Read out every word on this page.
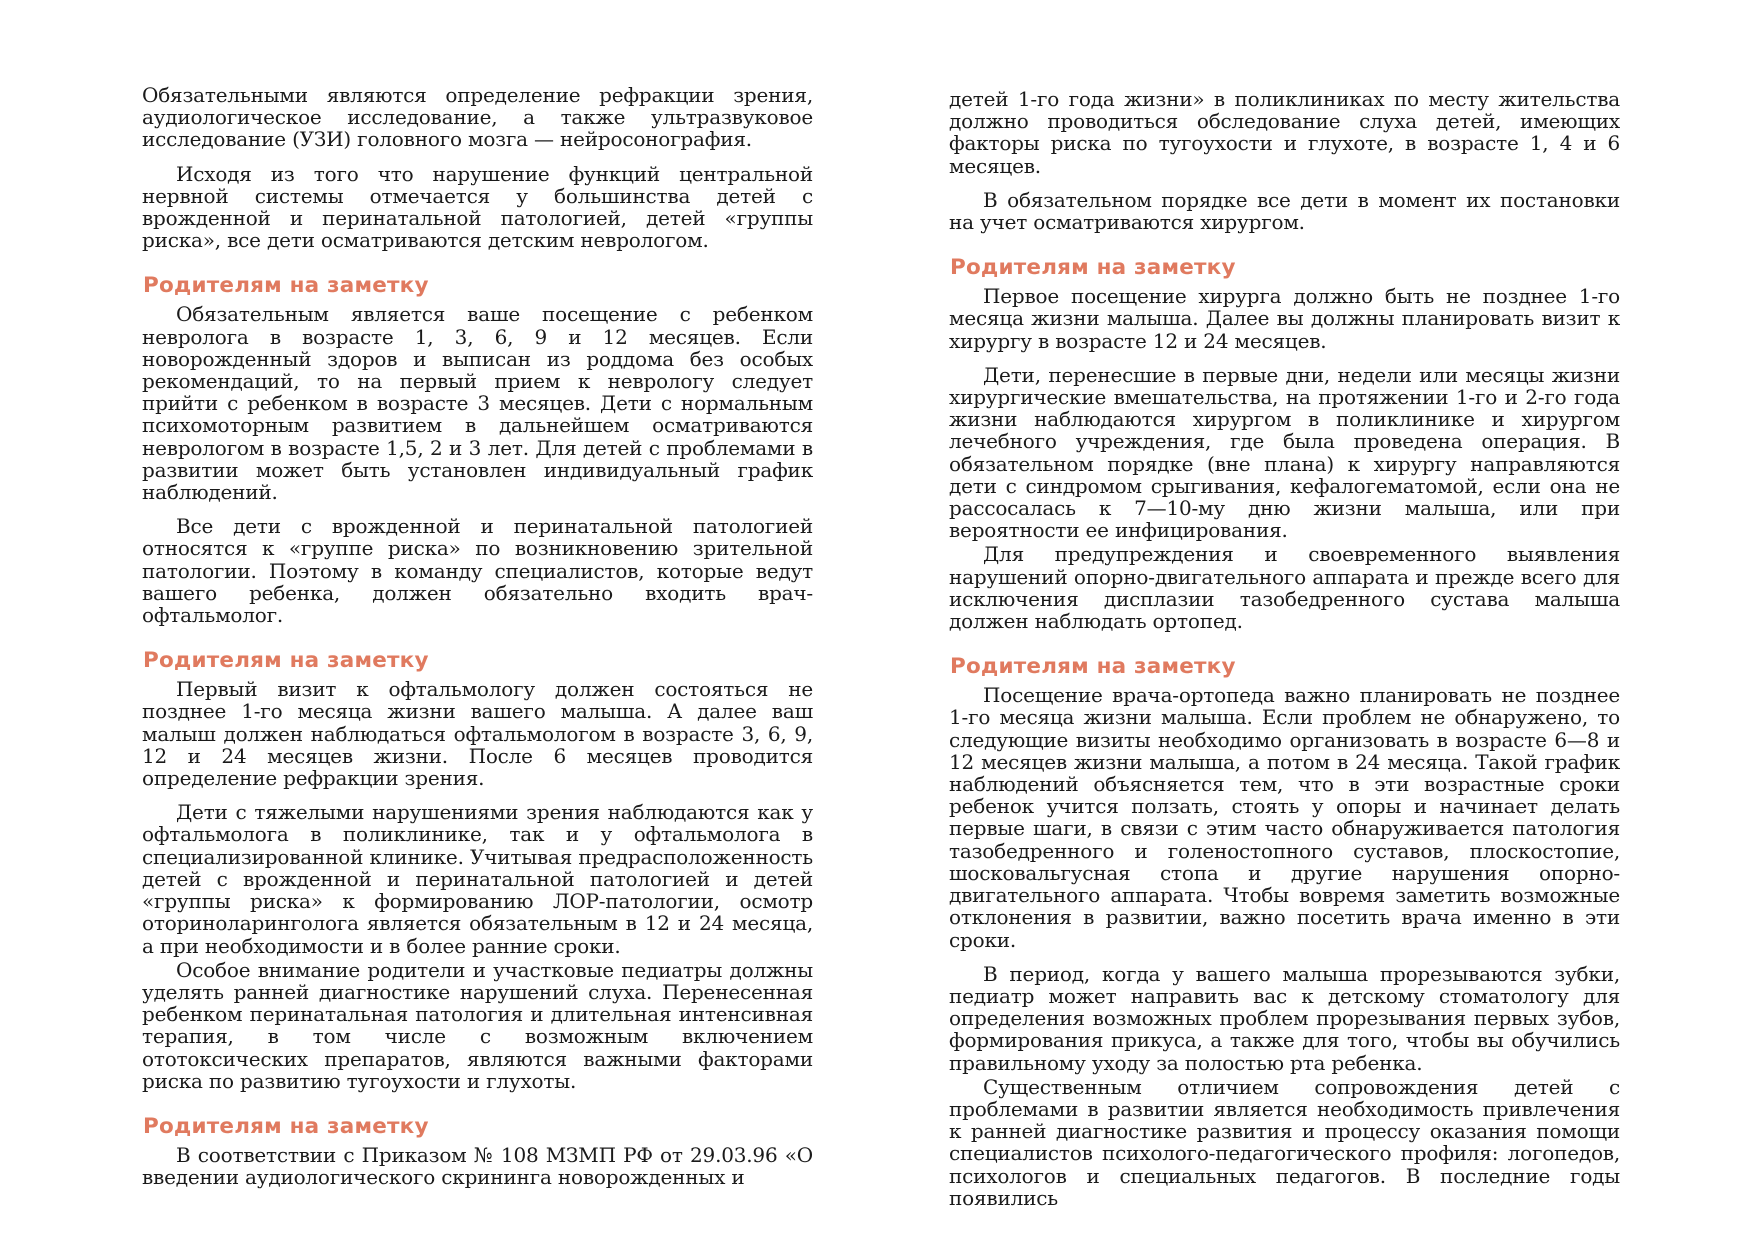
Обязательными являются определение рефракции зрения, аудиологическое исследование, а также ультразвуковое исследование (УЗИ) головного мозга — нейросонография.

Исходя из того что нарушение функций центральной нервной системы отмечается у большинства детей с врожденной и перинатальной патологией, детей «группы риска», все дети осматриваются детским неврологом.

Родителям на заметку

Обязательным является ваше посещение с ребенком невролога в возрасте 1, 3, 6, 9 и 12 месяцев. Если новорожденный здоров и выписан из роддома без особых рекомендаций, то на первый прием к неврологу следует прийти с ребенком в возрасте 3 месяцев. Дети с нормальным психомоторным развитием в дальнейшем осматриваются неврологом в возрасте 1,5, 2 и 3 лет. Для детей с проблемами в развитии может быть установлен индивидуальный график наблюдений.

Все дети с врожденной и перинатальной патологией относятся к «группе риска» по возникновению зрительной патологии. Поэтому в команду специалистов, которые ведут вашего ребенка, должен обязательно входить врач-офтальмолог.

Родителям на заметку

Первый визит к офтальмологу должен состояться не позднее 1-го месяца жизни вашего малыша. А далее ваш малыш должен наблюдаться офтальмологом в возрасте 3, 6, 9, 12 и 24 месяцев жизни. После 6 месяцев проводится определение рефракции зрения.

Дети с тяжелыми нарушениями зрения наблюдаются как у офтальмолога в поликлинике, так и у офтальмолога в специализированной клинике. Учитывая предрасположенность детей с врожденной и перинатальной патологией и детей «группы риска» к формированию ЛОР-патологии, осмотр оториноларинголога является обязательным в 12 и 24 месяца, а при необходимости и в более ранние сроки.

Особое внимание родители и участковые педиатры должны уделять ранней диагностике нарушений слуха. Перенесенная ребенком перинатальная патология и длительная интенсивная терапия, в том числе с возможным включением ототоксических препаратов, являются важными факторами риска по развитию тугоухости и глухоты.

Родителям на заметку

В соответствии с Приказом № 108 МЗМП РФ от 29.03.96 «О введении аудиологического скрининга новорожденных и

детей 1-го года жизни» в поликлиниках по месту жительства должно проводиться обследование слуха детей, имеющих факторы риска по тугоухости и глухоте, в возрасте 1, 4 и 6 месяцев.

В обязательном порядке все дети в момент их постановки на учет осматриваются хирургом.

Родителям на заметку

Первое посещение хирурга должно быть не позднее 1-го месяца жизни малыша. Далее вы должны планировать визит к хирургу в возрасте 12 и 24 месяцев.

Дети, перенесшие в первые дни, недели или месяцы жизни хирургические вмешательства, на протяжении 1-го и 2-го года жизни наблюдаются хирургом в поликлинике и хирургом лечебного учреждения, где была проведена операция. В обязательном порядке (вне плана) к хирургу направляются дети с синдромом срыгивания, кефалогематомой, если она не рассосалась к 7—10-му дню жизни малыша, или при вероятности ее инфицирования.

Для предупреждения и своевременного выявления нарушений опорно-двигательного аппарата и прежде всего для исключения дисплазии тазобедренного сустава малыша должен наблюдать ортопед.

Родителям на заметку

Посещение врача-ортопеда важно планировать не позднее 1-го месяца жизни малыша. Если проблем не обнаружено, то следующие визиты необходимо организовать в возрасте 6—8 и 12 месяцев жизни малыша, а потом в 24 месяца. Такой график наблюдений объясняется тем, что в эти возрастные сроки ребенок учится ползать, стоять у опоры и начинает делать первые шаги, в связи с этим часто обнаруживается патология тазобедренного и голеностопного суставов, плоскостопие, шосковальгусная стопа и другие нарушения опорно-двигательного аппарата. Чтобы вовремя заметить возможные отклонения в развитии, важно посетить врача именно в эти сроки.

В период, когда у вашего малыша прорезываются зубки, педиатр может направить вас к детскому стоматологу для определения возможных проблем прорезывания первых зубов, формирования прикуса, а также для того, чтобы вы обучились правильному уходу за полостью рта ребенка.

Существенным отличием сопровождения детей с проблемами в развитии является необходимость привлечения к ранней диагностике развития и процессу оказания помощи специалистов психолого-педагогического профиля: логопедов, психологов и специальных педагогов. В последние годы появились
